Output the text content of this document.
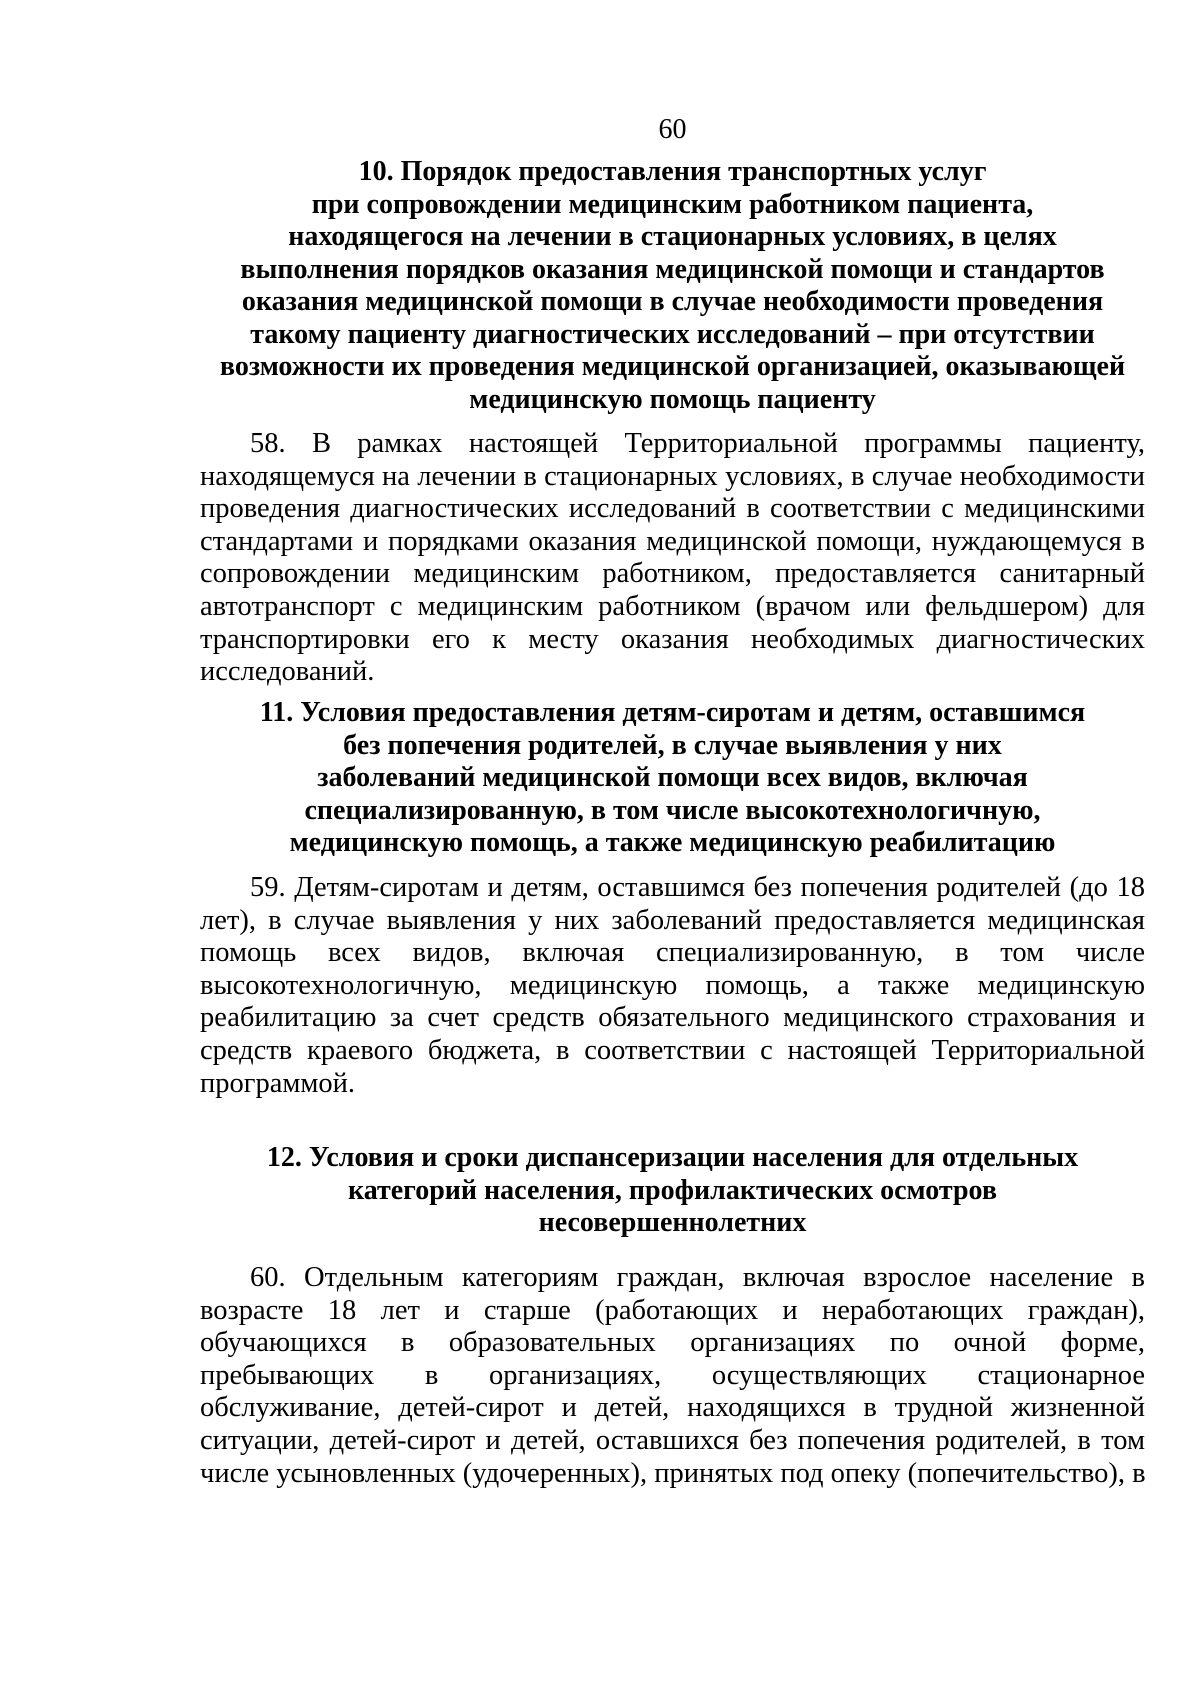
60
10. Порядок предоставления транспортных услуг
при сопровождении медицинским работником пациента,
находящегося на лечении в стационарных условиях, в целях
выполнения порядков оказания медицинской помощи и стандартов
оказания медицинской помощи в случае необходимости проведения
такому пациенту диагностических исследований – при отсутствии
возможности их проведения медицинской организацией, оказывающей
медицинскую помощь пациенту
58. В рамках настоящей Территориальной программы пациенту,
находящемуся на лечении в стационарных условиях, в случае необходимости
проведения диагностических исследований в соответствии с медицинскими
стандартами и порядками оказания медицинской помощи, нуждающемуся в
сопровождении медицинским работником, предоставляется санитарный
автотранспорт с медицинским работником (врачом или фельдшером) для
транспортировки его к месту оказания необходимых диагностических
исследований.
11. Условия предоставления детям-сиротам и детям, оставшимся
без попечения родителей, в случае выявления у них
заболеваний медицинской помощи всех видов, включая
специализированную, в том числе высокотехнологичную,
медицинскую помощь, а также медицинскую реабилитацию
59. Детям-сиротам и детям, оставшимся без попечения родителей (до 18
лет), в случае выявления у них заболеваний предоставляется медицинская
помощь всех видов, включая специализированную, в том числе
высокотехнологичную, медицинскую помощь, а также медицинскую
реабилитацию за счет средств обязательного медицинского страхования и
средств краевого бюджета, в соответствии с настоящей Территориальной
программой.
12. Условия и сроки диспансеризации населения для отдельных
категорий населения, профилактических осмотров
несовершеннолетних
60. Отдельным категориям граждан, включая взрослое население в
возрасте 18 лет и старше (работающих и неработающих граждан),
обучающихся в образовательных организациях по очной форме,
пребывающих в организациях, осуществляющих стационарное
обслуживание, детей-сирот и детей, находящихся в трудной жизненной
ситуации, детей-сирот и детей, оставшихся без попечения родителей, в том
числе усыновленных (удочеренных), принятых под опеку (попечительство), в
